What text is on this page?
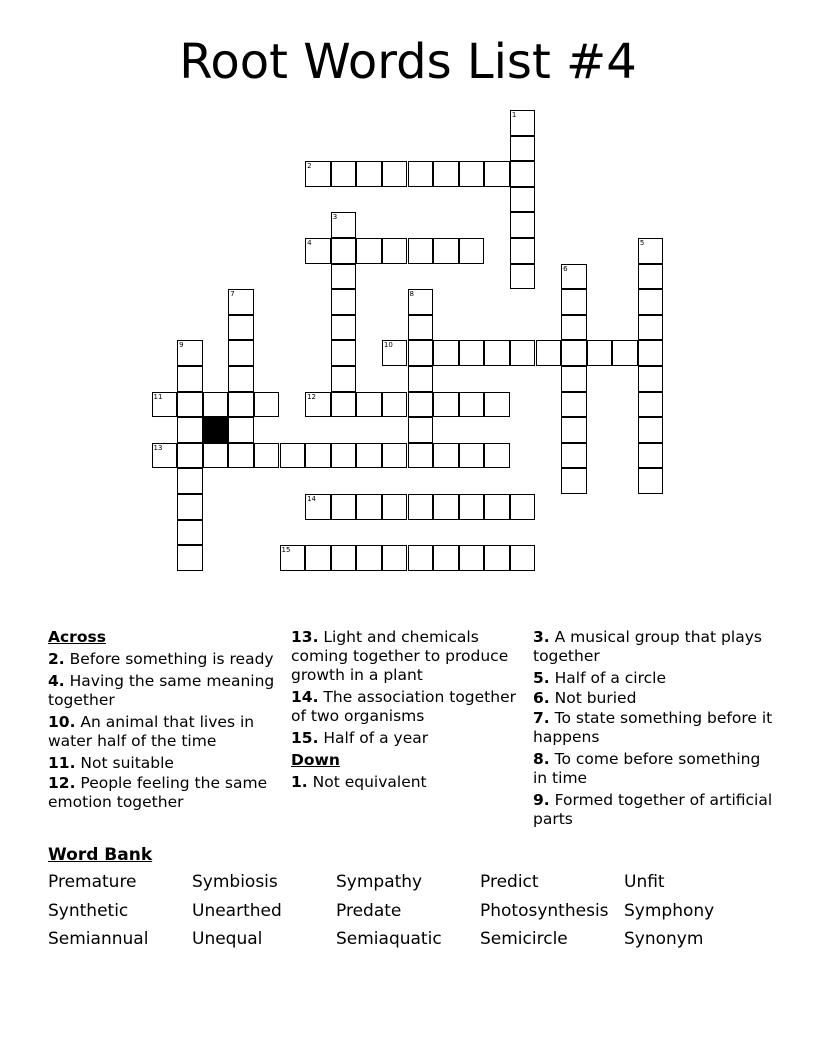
Root Words List #4
1
2
3
4	5
6
7	8
9	10
11	12
13
14
15
Across
2. Before something is ready
4. Having the same meaning together
10. An animal that lives in water half of the time
11. Not suitable
12. People feeling the same emotion together
13. Light and chemicals coming together to produce growth in a plant
14. The association together of two organisms
15. Half of a year
Down
1. Not equivalent
3. A musical group that plays together
5. Half of a circle
6. Not buried
7. To state something before it happens
8. To come before something in time
9. Formed together of artificial parts
Word Bank
Premature	Symbiosis	Sympathy	Predict	Unfit
Synthetic	Unearthed	Predate	Photosynthesis Symphony
Semiannual	Unequal	Semiaquatic Semicircle	Synonym
